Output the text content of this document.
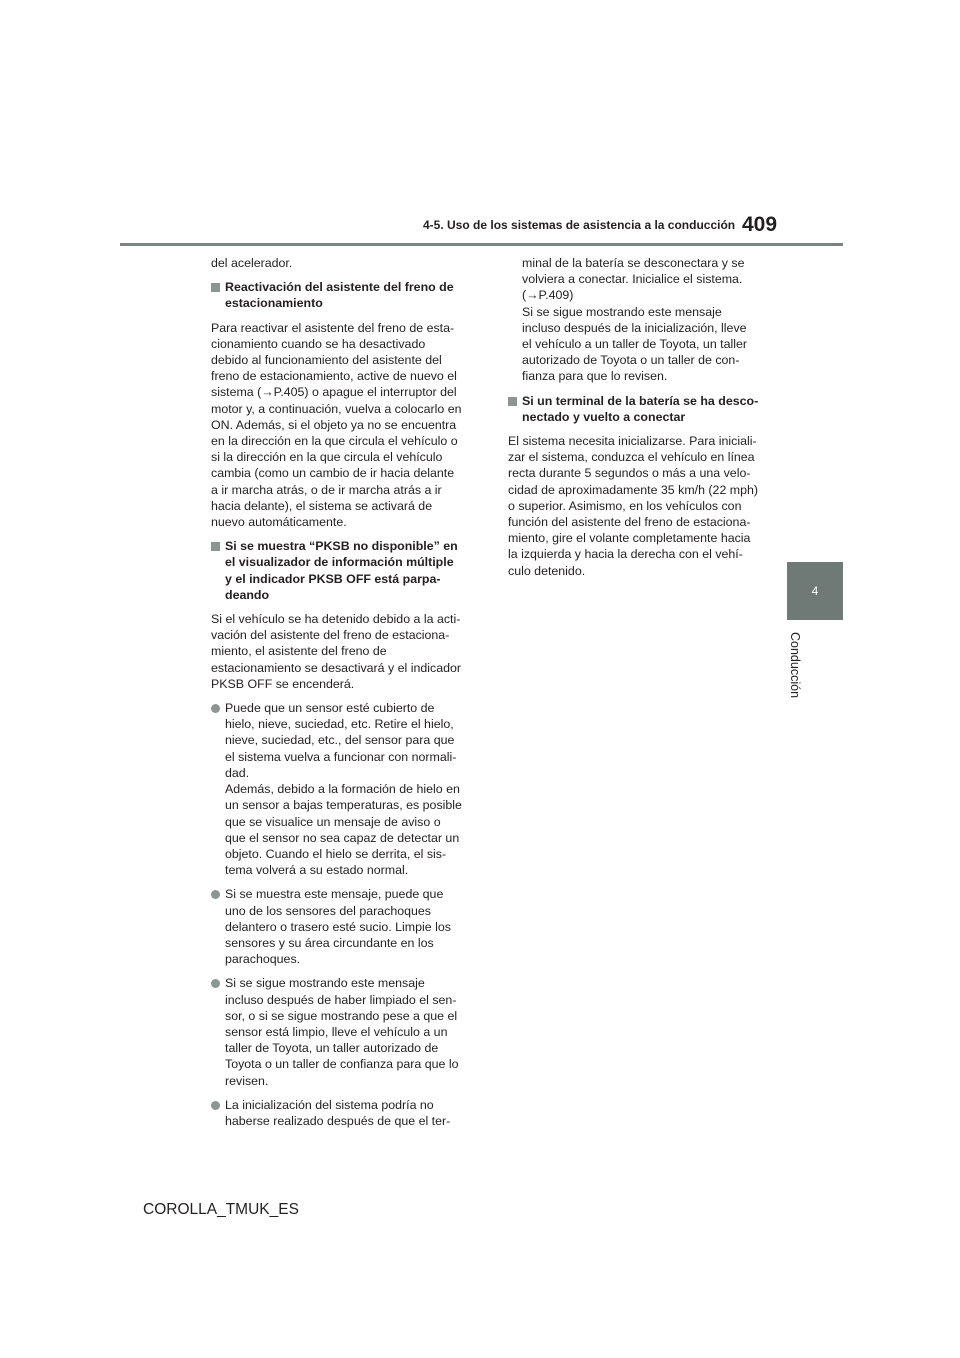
4-5. Uso de los sistemas de asistencia a la conducción 409
del acelerador.
Reactivación del asistente del freno de
estacionamiento
Para reactivar el asistente del freno de esta-
cionamiento cuando se ha desactivado
debido al funcionamiento del asistente del
freno de estacionamiento, active de nuevo el
sistema (→P.405) o apague el interruptor del
motor y, a continuación, vuelva a colocarlo en
ON. Además, si el objeto ya no se encuentra
en la dirección en la que circula el vehículo o
si la dirección en la que circula el vehículo
cambia (como un cambio de ir hacia delante
a ir marcha atrás, o de ir marcha atrás a ir
hacia delante), el sistema se activará de
nuevo automáticamente.
Si se muestra “PKSB no disponible” en
el visualizador de información múltiple
y el indicador PKSB OFF está parpa-
deando
Si el vehículo se ha detenido debido a la acti-
vación del asistente del freno de estaciona-
miento, el asistente del freno de
estacionamiento se desactivará y el indicador
PKSB OFF se encenderá.
Puede que un sensor esté cubierto de
hielo, nieve, suciedad, etc. Retire el hielo,
nieve, suciedad, etc., del sensor para que
el sistema vuelva a funcionar con normali-
dad.
Además, debido a la formación de hielo en
un sensor a bajas temperaturas, es posible
que se visualice un mensaje de aviso o
que el sensor no sea capaz de detectar un
objeto. Cuando el hielo se derrita, el sis-
tema volverá a su estado normal.
Si se muestra este mensaje, puede que
uno de los sensores del parachoques
delantero o trasero esté sucio. Limpie los
sensores y su área circundante en los
parachoques.
Si se sigue mostrando este mensaje
incluso después de haber limpiado el sen-
sor, o si se sigue mostrando pese a que el
sensor está limpio, lleve el vehículo a un
taller de Toyota, un taller autorizado de
Toyota o un taller de confianza para que lo
revisen.
La inicialización del sistema podría no
haberse realizado después de que el ter-
minal de la batería se desconectara y se
volviera a conectar. Inicialice el sistema.
(→P.409)
Si se sigue mostrando este mensaje
incluso después de la inicialización, lleve
el vehículo a un taller de Toyota, un taller
autorizado de Toyota o un taller de con-
fianza para que lo revisen.
Si un terminal de la batería se ha desco-
nectado y vuelto a conectar
El sistema necesita inicializarse. Para iniciali-
zar el sistema, conduzca el vehículo en línea
recta durante 5 segundos o más a una velo-
cidad de aproximadamente 35 km/h (22 mph)
o superior. Asimismo, en los vehículos con
función del asistente del freno de estaciona-
miento, gire el volante completamente hacia
la izquierda y hacia la derecha con el vehí-
culo detenido.
4
Conducción
COROLLA_TMUK_ES
